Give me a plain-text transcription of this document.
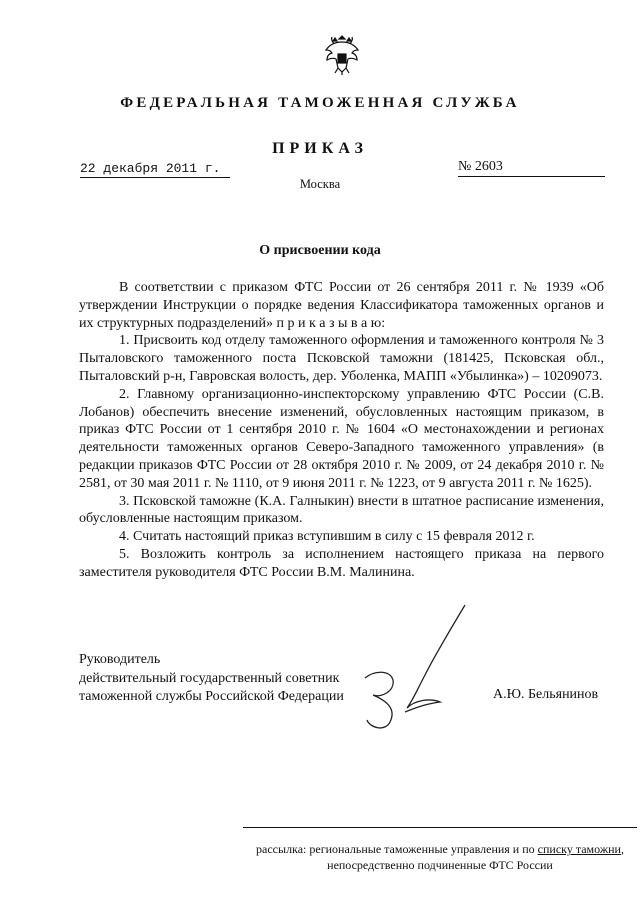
ФЕДЕРАЛЬНАЯ ТАМОЖЕННАЯ СЛУЖБА
ПРИКАЗ
22 декабря 2011 г.	№ 2603
Москва
О присвоении кода

В соответствии с приказом ФТС России от 26 сентября 2011 г. № 1939 «Об утверждении Инструкции о порядке ведения Классификатора таможенных органов и их структурных подразделений» п р и к а з ы в а ю:

1. Присвоить код отделу таможенного оформления и таможенного контроля № 3 Пыталовского таможенного поста Псковской таможни (181425, Псковская обл., Пыталовский р-н, Гавровская волость, дер. Уболенка, МАПП «Убылинка») – 10209073.

2. Главному организационно-инспекторскому управлению ФТС России (С.В. Лобанов) обеспечить внесение изменений, обусловленных настоящим приказом, в приказ ФТС России от 1 сентября 2010 г. № 1604 «О местонахождении и регионах деятельности таможенных органов Северо-Западного таможенного управления» (в редакции приказов ФТС России от 28 октября 2010 г. № 2009, от 24 декабря 2010 г. № 2581, от 30 мая 2011 г. № 1110, от 9 июня 2011 г. № 1223, от 9 августа 2011 г. № 1625).

3. Псковской таможне (К.А. Галныкин) внести в штатное расписание изменения, обусловленные настоящим приказом.

4. Считать настоящий приказ вступившим в силу с 15 февраля 2012 г.

5. Возложить контроль за исполнением настоящего приказа на первого заместителя руководителя ФТС России В.М. Малинина.

Руководитель
действительный государственный советник
таможенной службы Российской Федерации	А.Ю. Бельянинов
рассылка: региональные таможенные управления и по списку таможни,
непосредственно подчиненные ФТС России
